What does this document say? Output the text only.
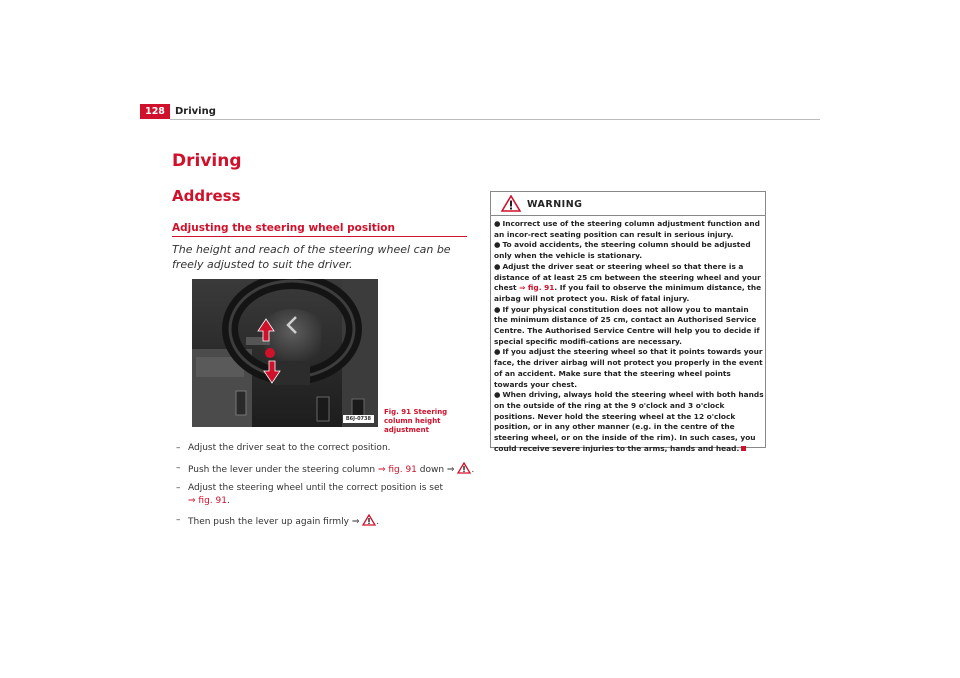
128	Driving
Driving
Address
Adjusting the steering wheel position
The height and reach of the steering wheel can be freely adjusted to suit the driver.
B6J-0738
Fig. 91 Steering column height adjustment
– Adjust the driver seat to the correct position.
– Push the lever under the steering column ⇒ fig. 91 down ⇒ .
– Adjust the steering wheel until the correct position is set
⇒ fig. 91.
– Then push the lever up again firmly ⇒ .
WARNING

● Incorrect use of the steering column adjustment function and an incor-rect seating position can result in serious injury.

● To avoid accidents, the steering column should be adjusted only when the vehicle is stationary.

● Adjust the driver seat or steering wheel so that there is a distance of at least 25 cm between the steering wheel and your chest ⇒ fig. 91. If you fail to observe the minimum distance, the airbag will not protect you. Risk of fatal injury.

● If your physical constitution does not allow you to mantain the minimum distance of 25 cm, contact an Authorised Service Centre. The Authorised Service Centre will help you to decide if special specific modifi-cations are necessary.

● If you adjust the steering wheel so that it points towards your face, the driver airbag will not protect you properly in the event of an accident. Make sure that the steering wheel points towards your chest.

● When driving, always hold the steering wheel with both hands on the outside of the ring at the 9 o'clock and 3 o'clock positions. Never hold the steering wheel at the 12 o'clock position, or in any other manner (e.g. in the centre of the steering wheel, or on the inside of the rim). In such cases, you could receive severe injuries to the arms, hands and head.
